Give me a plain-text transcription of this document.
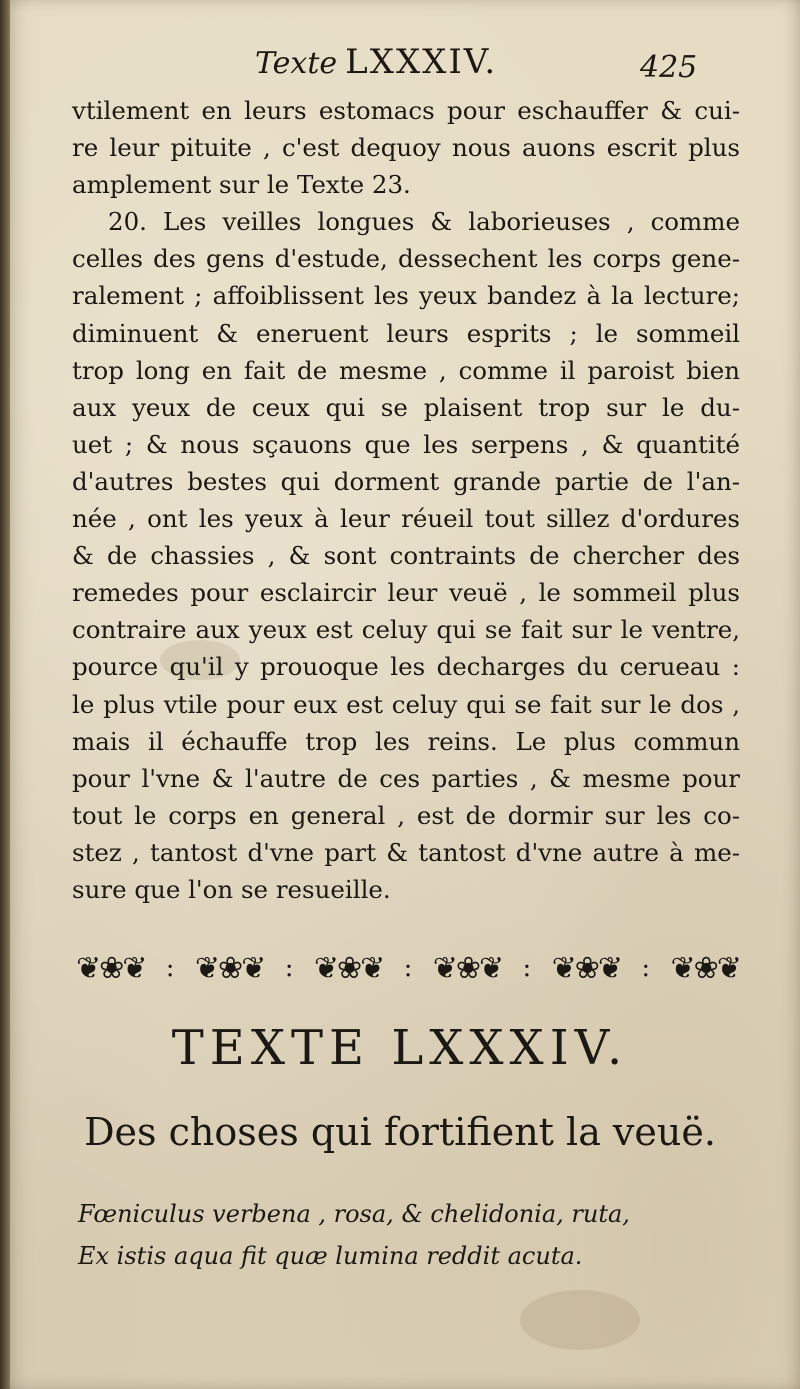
Texte LXXXIV.	425
vtilement en leurs estomacs pour eschauffer & cui-
re leur pituite , c'est dequoy nous auons escrit plus
amplement sur le Texte 23.
20. Les veilles longues & laborieuses , comme
celles des gens d'estude, dessechent les corps gene-
ralement ; affoiblissent les yeux bandez à la lecture;
diminuent & eneruent leurs esprits ; le sommeil
trop long en fait de mesme , comme il paroist bien
aux yeux de ceux qui se plaisent trop sur le du-
uet ; & nous sçauons que les serpens , & quantité
d'autres bestes qui dorment grande partie de l'an-
née , ont les yeux à leur réueil tout sillez d'ordures
& de chassies , & sont contraints de chercher des
remedes pour esclaircir leur veuë , le sommeil plus
contraire aux yeux est celuy qui se fait sur le ventre,
pource qu'il y prouoque les decharges du cerueau :
le plus vtile pour eux est celuy qui se fait sur le dos ,
mais il échauffe trop les reins. Le plus commun
pour l'vne & l'autre de ces parties , & mesme pour
tout le corps en general , est de dormir sur les co-
stez , tantost d'vne part & tantost d'vne autre à me-
sure que l'on se resueille.
❦❀❦ : ❦❀❦ : ❦❀❦ : ❦❀❦ : ❦❀❦ : ❦❀❦
TEXTE LXXXIV.
Des choses qui fortifient la veuë.
Fœniculus verbena , rosa, & chelidonia, ruta,
Ex istis aqua fit quæ lumina reddit acuta.
